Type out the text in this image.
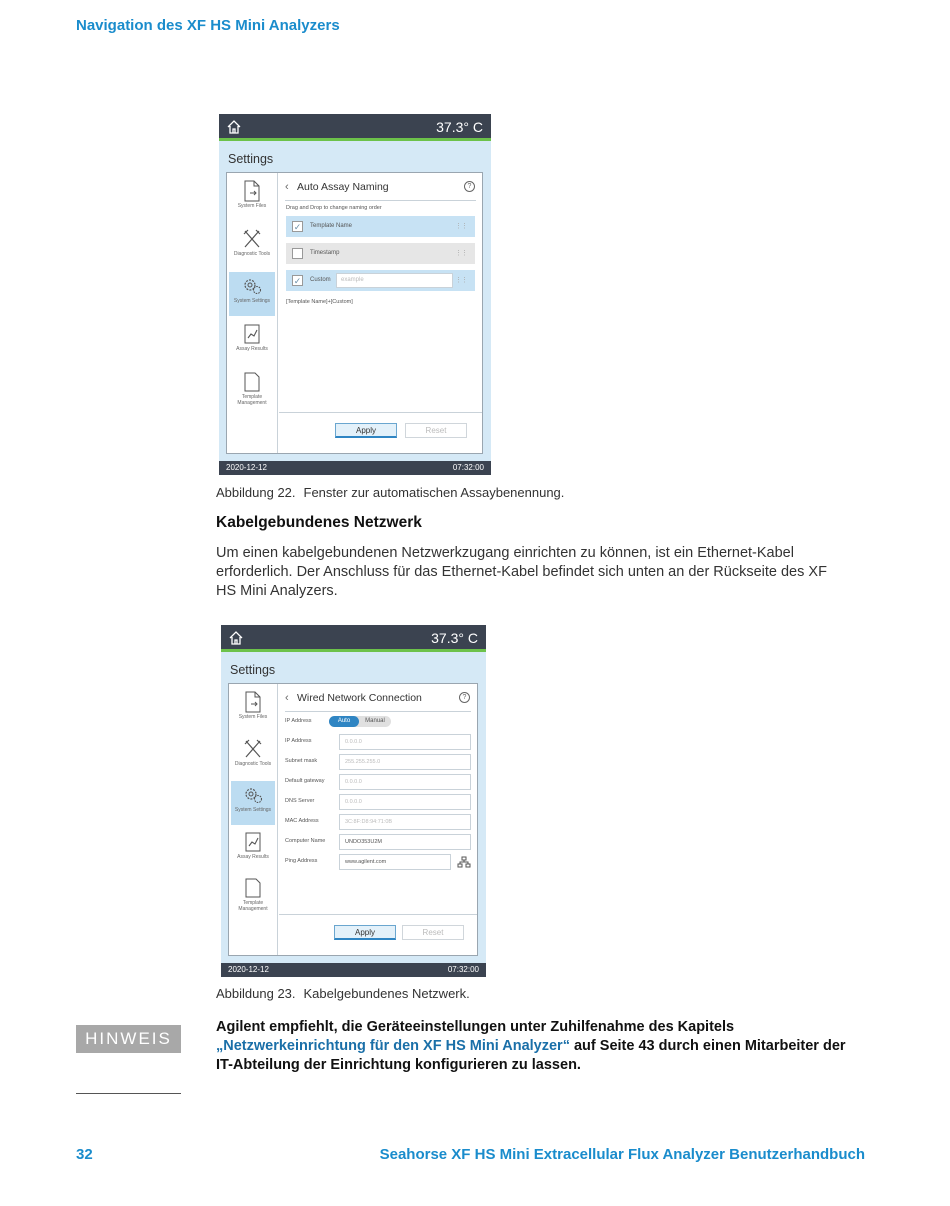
Navigation des XF HS Mini Analyzers
37.3° C
Settings
System Files
Diagnostic Tools
System Settings
Assay Results
Template Management
‹ Auto Assay Naming	?
Drag and Drop to change naming order
✓ Template Name	⋮⋮
Timestamp	⋮⋮
✓ Custom	example	⋮⋮
[Template Name]+[Custom]
Apply	Reset
2020-12-12	07:32:00
Abbildung 22. Fenster zur automatischen Assaybenennung.
Kabelgebundenes Netzwerk
Um einen kabelgebundenen Netzwerkzugang einrichten zu können, ist ein Ethernet-Kabel erforderlich. Der Anschluss für das Ethernet-Kabel befindet sich unten an der Rückseite des XF HS Mini Analyzers.
37.3° C
Settings
System Files
Diagnostic Tools
System Settings
Assay Results
Template Management
‹ Wired Network Connection	?
IP Address	Auto	Manual
IP Address	0.0.0.0
Subnet mask	255.255.255.0
Default gateway	0.0.0.0
DNS Server	0.0.0.0
MAC Address	3C:8F:D8:94:71:0B
Computer Name	UNDO353U2M
Ping Address	www.agilent.com
Apply	Reset
2020-12-12	07:32:00
Abbildung 23. Kabelgebundenes Netzwerk.
HINWEIS
Agilent empfiehlt, die Geräteeinstellungen unter Zuhilfenahme des Kapitels „Netzwerkeinrichtung für den XF HS Mini Analyzer“ auf Seite 43 durch einen Mitarbeiter der IT-Abteilung der Einrichtung konfigurieren zu lassen.
32	Seahorse XF HS Mini Extracellular Flux Analyzer Benutzerhandbuch
